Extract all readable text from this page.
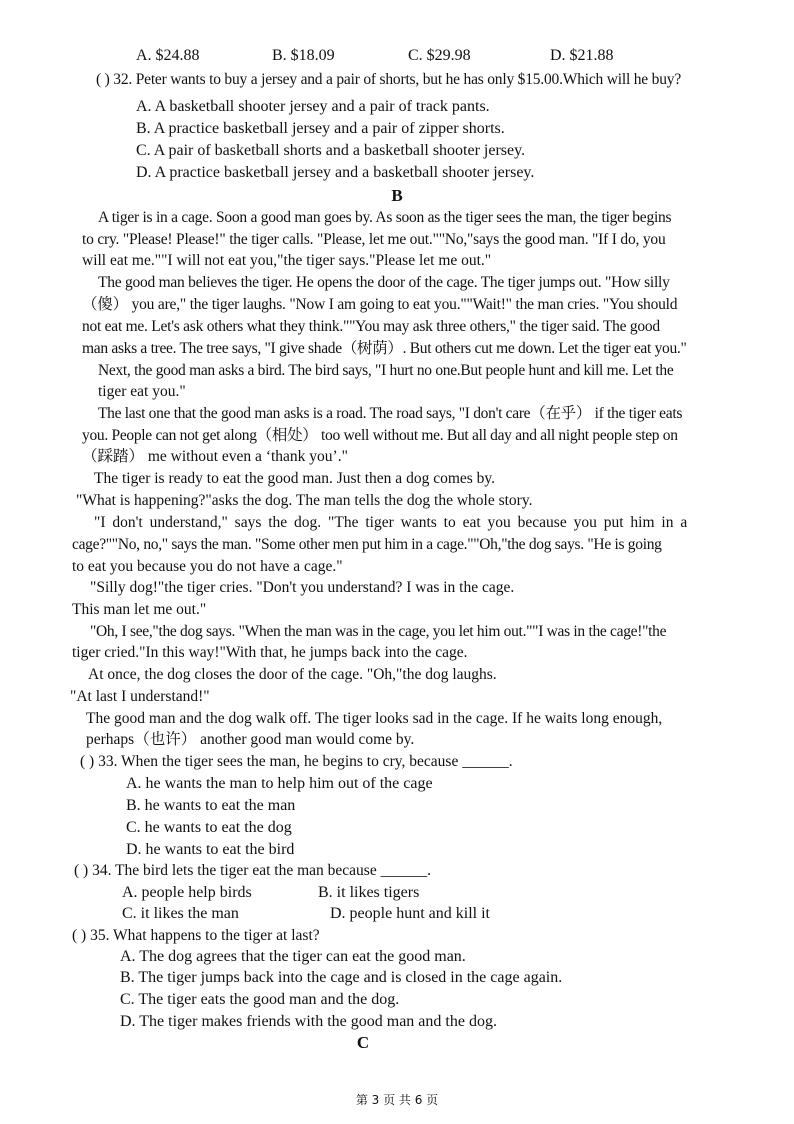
A. $24.88	B. $18.09	C. $29.98	D. $21.88
( ) 32. Peter wants to buy a jersey and a pair of shorts, but he has only $15.00.Which will he buy?
A. A basketball shooter jersey and a pair of track pants.
B. A practice basketball jersey and a pair of zipper shorts.
C. A pair of basketball shorts and a basketball shooter jersey.
D. A practice basketball jersey and a basketball shooter jersey.
B
A tiger is in a cage. Soon a good man goes by. As soon as the tiger sees the man, the tiger begins
to cry. "Please! Please!" the tiger calls. "Please, let me out.""No,"says the good man. "If I do, you
will eat me.""I will not eat you,"the tiger says."Please let me out."
The good man believes the tiger. He opens the door of the cage. The tiger jumps out. "How silly
（傻） you are," the tiger laughs. "Now I am going to eat you.""Wait!" the man cries. "You should
not eat me. Let's ask others what they think.""You may ask three others," the tiger said. The good
man asks a tree. The tree says, "I give shade（树荫）. But others cut me down. Let the tiger eat you."
Next, the good man asks a bird. The bird says, "I hurt no one.But people hunt and kill me. Let the
tiger eat you."
The last one that the good man asks is a road. The road says, "I don't care（在乎） if the tiger eats
you. People can not get along（相处） too well without me. But all day and all night people step on
（踩踏） me without even a ‘thank you’."
The tiger is ready to eat the good man. Just then a dog comes by.
"What is happening?"asks the dog. The man tells the dog the whole story.
"I don't understand," says the dog. "The tiger wants to eat you because you put him in a
cage?""No, no," says the man. "Some other men put him in a cage.""Oh,"the dog says. "He is going
to eat you because you do not have a cage."
"Silly dog!"the tiger cries. "Don't you understand? I was in the cage.
This man let me out."
"Oh, I see,"the dog says. "When the man was in the cage, you let him out.""I was in the cage!"the
tiger cried."In this way!"With that, he jumps back into the cage.
At once, the dog closes the door of the cage. "Oh,"the dog laughs.
"At last I understand!"
The good man and the dog walk off. The tiger looks sad in the cage. If he waits long enough,
perhaps（也许） another good man would come by.
( ) 33. When the tiger sees the man, he begins to cry, because ______.
A. he wants the man to help him out of the cage
B. he wants to eat the man
C. he wants to eat the dog
D. he wants to eat the bird
( ) 34. The bird lets the tiger eat the man because ______.
A. people help birds	B. it likes tigers
C. it likes the man	D. people hunt and kill it
( ) 35. What happens to the tiger at last?
A. The dog agrees that the tiger can eat the good man.
B. The tiger jumps back into the cage and is closed in the cage again.
C. The tiger eats the good man and the dog.
D. The tiger makes friends with the good man and the dog.
C
第 3 页 共 6 页
